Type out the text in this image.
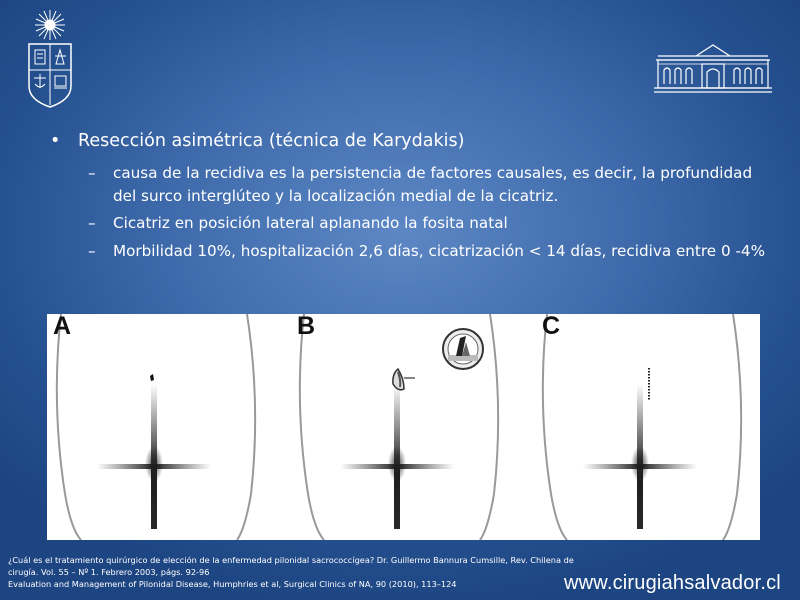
• Resección asimétrica (técnica de Karydakis)
– causa de la recidiva es la persistencia de factores causales, es decir, la profundidad del surco interglúteo y la localización medial de la cicatriz.
– Cicatriz en posición lateral aplanando la fosita natal
– Morbilidad 10%, hospitalización 2,6 días, cicatrización < 14 días, recidiva entre 0 -4%
A	B	C
¿Cuál es el tratamiento quirúrgico de elección de la enfermedad pilonidal sacrococcígea? Dr. Guillermo Bannura Cumsille, Rev. Chilena de cirugía. Vol. 55 – Nº 1. Febrero 2003, págs. 92-96
Evaluation and Management of Pilonidal Disease, Humphries et al, Surgical Clinics of NA, 90 (2010), 113–124	www.cirugiahsalvador.cl
